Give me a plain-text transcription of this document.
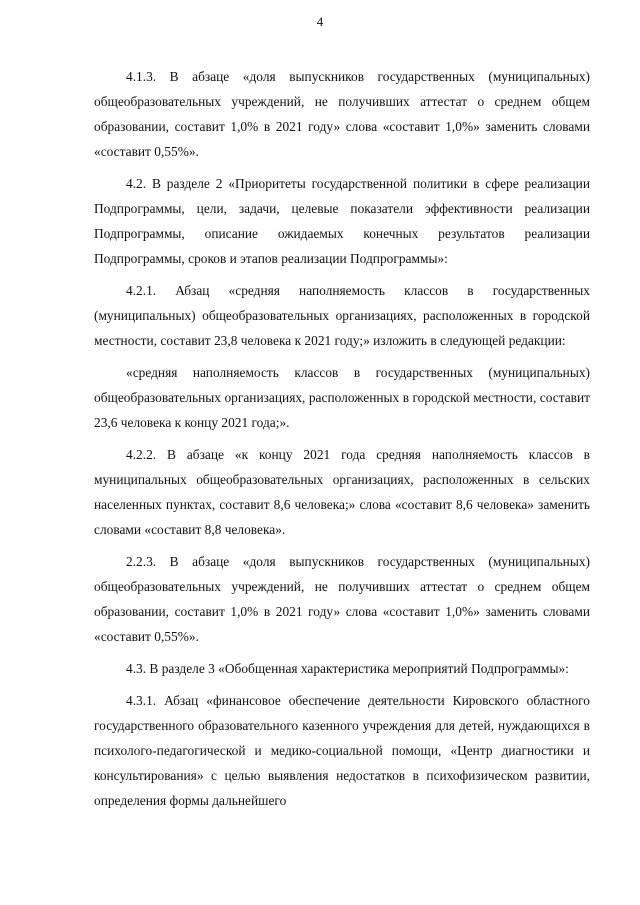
4

4.1.3. В абзаце «доля выпускников государственных (муниципальных) общеобразовательных учреждений, не получивших аттестат о среднем общем образовании, составит 1,0% в 2021 году» слова «составит 1,0%» заменить словами «составит 0,55%».

4.2. В разделе 2 «Приоритеты государственной политики в сфере реализации Подпрограммы, цели, задачи, целевые показатели эффективности реализации Подпрограммы, описание ожидаемых конечных результатов реализации Подпрограммы, сроков и этапов реализации Подпрограммы»:

4.2.1. Абзац «средняя наполняемость классов в государственных (муниципальных) общеобразовательных организациях, расположенных в городской местности, составит 23,8 человека к 2021 году;» изложить в следующей редакции:

«средняя наполняемость классов в государственных (муниципальных) общеобразовательных организациях, расположенных в городской местности, составит 23,6 человека к концу 2021 года;».

4.2.2. В абзаце «к концу 2021 года средняя наполняемость классов в муниципальных общеобразовательных организациях, расположенных в сельских населенных пунктах, составит 8,6 человека;» слова «составит 8,6 человека» заменить словами «составит 8,8 человека».

2.2.3. В абзаце «доля выпускников государственных (муниципальных) общеобразовательных учреждений, не получивших аттестат о среднем общем образовании, составит 1,0% в 2021 году» слова «составит 1,0%» заменить словами «составит 0,55%».

4.3. В разделе 3 «Обобщенная характеристика мероприятий Подпрограммы»:

4.3.1. Абзац «финансовое обеспечение деятельности Кировского областного государственного образовательного казенного учреждения для детей, нуждающихся в психолого-педагогической и медико-социальной помощи, «Центр диагностики и консультирования» с целью выявления недостатков в психофизическом развитии, определения формы дальнейшего
